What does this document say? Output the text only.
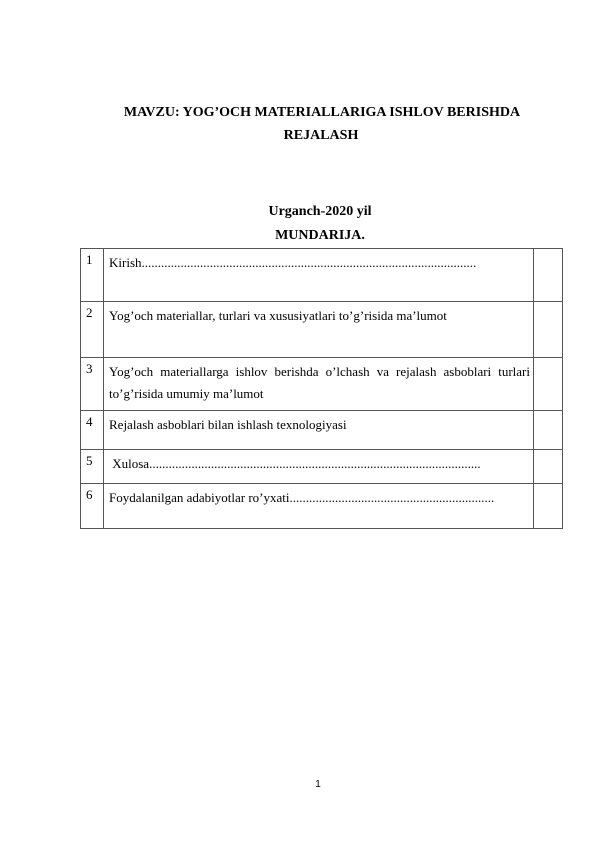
MAVZU: YOG’OCH MATERIALLARIGA ISHLOV BERISHDA
REJALASH
Urganch-2020 yil
MUNDARIJA.
1	Kirish.......................................................................................................	

2	Yog’och materiallar, turlari va xususiyatlari to’g’risida ma’lumot	

3	Yog’och materiallarga ishlov berishda o’lchash va rejalash asboblari turlari to’g’risida umumiy ma’lumot	

4	Rejalash asboblari bilan ishlash texnologiyasi	

5	Xulosa......................................................................................................	

6	Foydalanilgan adabiyotlar ro’yxati...............................................................	

1
